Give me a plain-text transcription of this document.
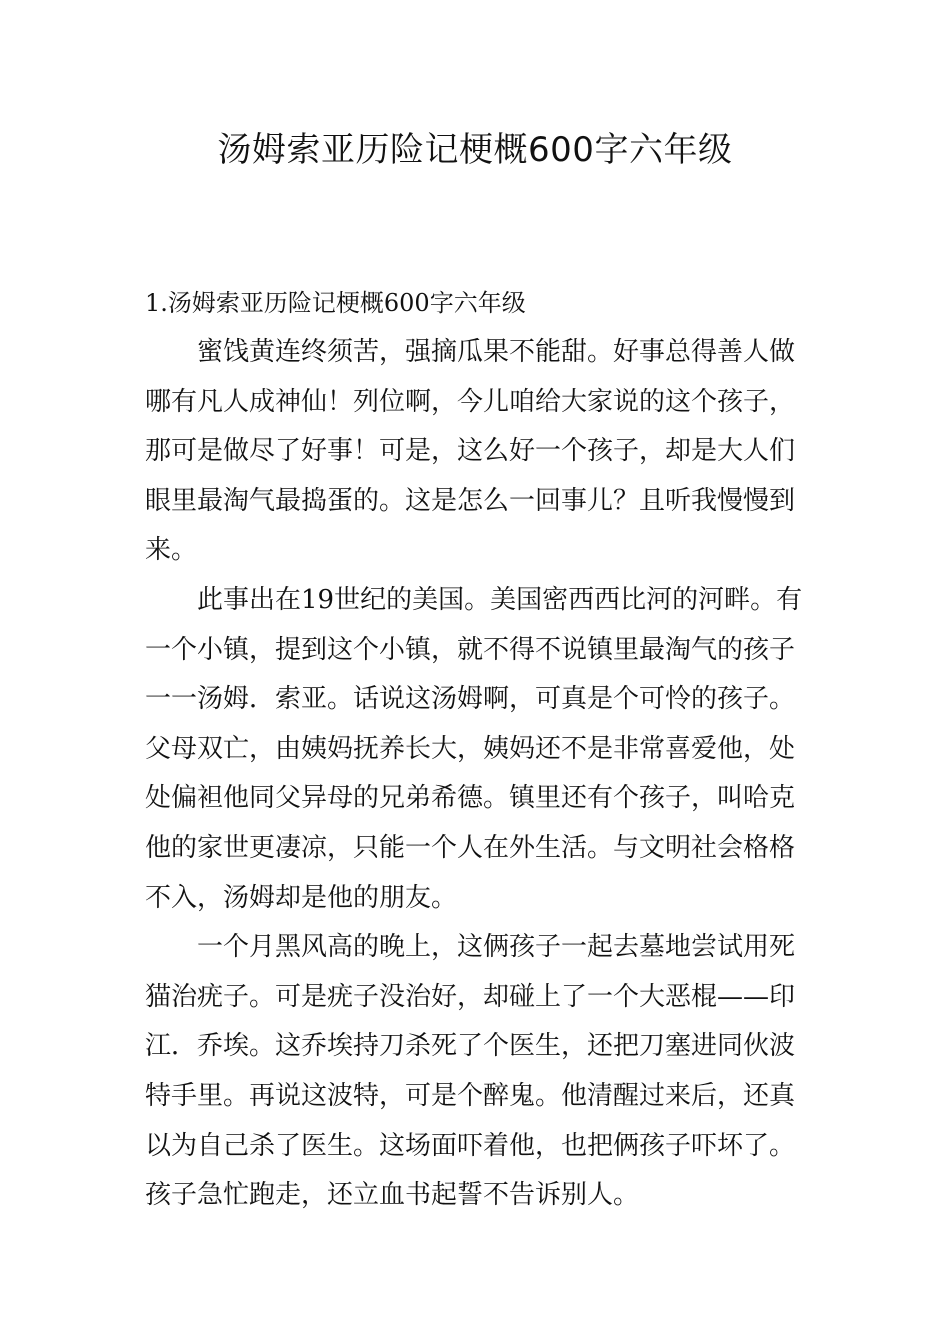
汤姆索亚历险记梗概600字六年级

1.汤姆索亚历险记梗概600字六年级

蜜饯黄连终须苦，强摘瓜果不能甜。好事总得善人做
哪有凡人成神仙！列位啊，今儿咱给大家说的这个孩子，
那可是做尽了好事！可是，这么好一个孩子，却是大人们
眼里最淘气最捣蛋的。这是怎么一回事儿？且听我慢慢到
来。
此事出在19世纪的美国。美国密西西比河的河畔。有
一个小镇，提到这个小镇，就不得不说镇里最淘气的孩子
一一汤姆．索亚。话说这汤姆啊，可真是个可怜的孩子。
父母双亡，由姨妈抚养长大，姨妈还不是非常喜爱他，处
处偏袒他同父异母的兄弟希德。镇里还有个孩子，叫哈克
他的家世更凄凉，只能一个人在外生活。与文明社会格格
不入，汤姆却是他的朋友。
一个月黑风高的晚上，这俩孩子一起去墓地尝试用死
猫治疣子。可是疣子没治好，却碰上了一个大恶棍——印
江．乔埃。这乔埃持刀杀死了个医生，还把刀塞进同伙波
特手里。再说这波特，可是个醉鬼。他清醒过来后，还真
以为自己杀了医生。这场面吓着他，也把俩孩子吓坏了。
孩子急忙跑走，还立血书起誓不告诉别人。
